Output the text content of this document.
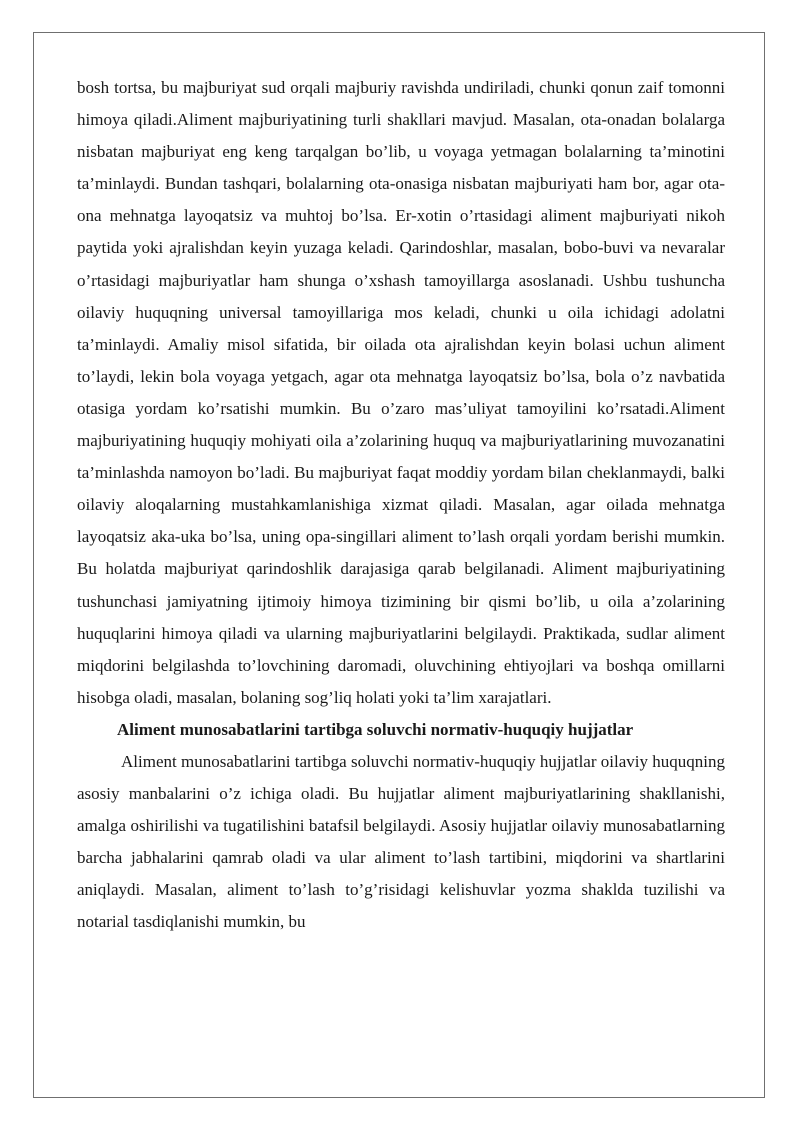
bosh tortsa, bu majburiyat sud orqali majburiy ravishda undiriladi, chunki qonun zaif tomonni himoya qiladi.Aliment majburiyatining turli shakllari mavjud. Masalan, ota-onadan bolalarga nisbatan majburiyat eng keng tarqalgan bo’lib, u voyaga yetmagan bolalarning ta’minotini ta’minlaydi. Bundan tashqari, bolalarning ota-onasiga nisbatan majburiyati ham bor, agar ota-ona mehnatga layoqatsiz va muhtoj bo’lsa. Er-xotin o’rtasidagi aliment majburiyati nikoh paytida yoki ajralishdan keyin yuzaga keladi. Qarindoshlar, masalan, bobo-buvi va nevaralar o’rtasidagi majburiyatlar ham shunga o’xshash tamoyillarga asoslanadi. Ushbu tushuncha oilaviy huquqning universal tamoyillariga mos keladi, chunki u oila ichidagi adolatni ta’minlaydi. Amaliy misol sifatida, bir oilada ota ajralishdan keyin bolasi uchun aliment to’laydi, lekin bola voyaga yetgach, agar ota mehnatga layoqatsiz bo’lsa, bola o’z navbatida otasiga yordam ko’rsatishi mumkin. Bu o’zaro mas’uliyat tamoyilini ko’rsatadi.Aliment majburiyatining huquqiy mohiyati oila a’zolarining huquq va majburiyatlarining muvozanatini ta’minlashda namoyon bo’ladi. Bu majburiyat faqat moddiy yordam bilan cheklanmaydi, balki oilaviy aloqalarning mustahkamlanishiga xizmat qiladi. Masalan, agar oilada mehnatga layoqatsiz aka-uka bo’lsa, uning opa-singillari aliment to’lash orqali yordam berishi mumkin. Bu holatda majburiyat qarindoshlik darajasiga qarab belgilanadi. Aliment majburiyatining tushunchasi jamiyatning ijtimoiy himoya tizimining bir qismi bo’lib, u oila a’zolarining huquqlarini himoya qiladi va ularning majburiyatlarini belgilaydi. Praktikada, sudlar aliment miqdorini belgilashda to’lovchining daromadi, oluvchining ehtiyojlari va boshqa omillarni hisobga oladi, masalan, bolaning sog’liq holati yoki ta’lim xarajatlari.

Aliment munosabatlarini tartibga soluvchi normativ-huquqiy hujjatlar

Aliment munosabatlarini tartibga soluvchi normativ-huquqiy hujjatlar oilaviy huquqning asosiy manbalarini o’z ichiga oladi. Bu hujjatlar aliment majburiyatlarining shakllanishi, amalga oshirilishi va tugatilishini batafsil belgilaydi. Asosiy hujjatlar oilaviy munosabatlarning barcha jabhalarini qamrab oladi va ular aliment to’lash tartibini, miqdorini va shartlarini aniqlaydi. Masalan, aliment to’lash to’g’risidagi kelishuvlar yozma shaklda tuzilishi va notarial tasdiqlanishi mumkin, bu
